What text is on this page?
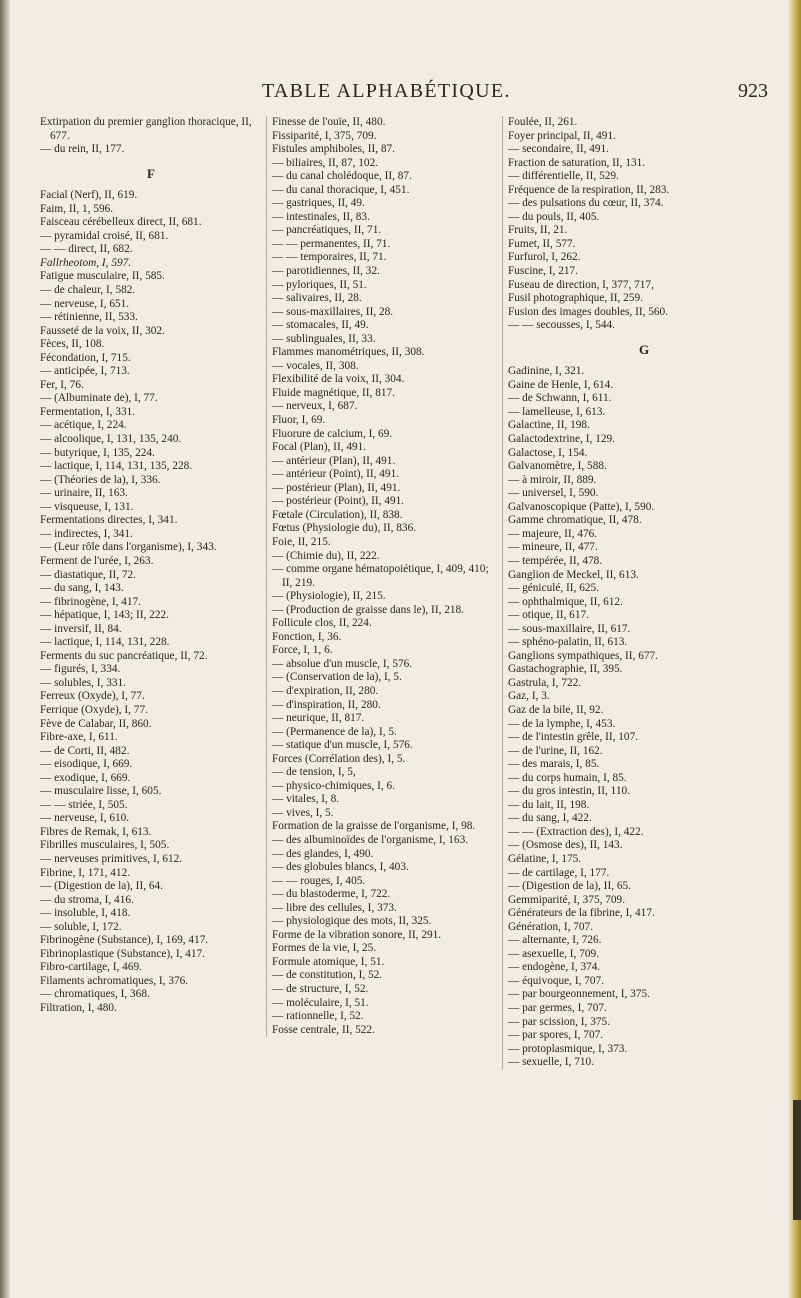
TABLE ALPHABÉTIQUE.	923
Extirpation du premier ganglion thoracique, II, 677.
— du rein, II, 177.
F
Facial (Nerf), II, 619.
Faim, II, 1, 596.
Faisceau cérébelleux direct, II, 681.
— pyramidal croisé, II, 681.
— — direct, II, 682.
Fallrheotom, I, 597.
Fatigue musculaire, II, 585.
— de chaleur, I, 582.
— nerveuse, I, 651.
— rétinienne, II, 533.
Fausseté de la voix, II, 302.
Fèces, II, 108.
Fécondation, I, 715.
— anticipée, I, 713.
Fer, I, 76.
— (Albuminate de), I, 77.
Fermentation, I, 331.
— acétique, I, 224.
— alcoolique, I, 131, 135, 240.
— butyrique, I, 135, 224.
— lactique, I, 114, 131, 135, 228.
— (Théories de la), I, 336.
— urinaire, II, 163.
— visqueuse, I, 131.
Fermentations directes, I, 341.
— indirectes, I, 341.
— (Leur rôle dans l'organisme), I, 343.
Ferment de l'urée, I, 263.
— diastatique, II, 72.
— du sang, I, 143.
— fibrinogène, I, 417.
— hépatique, I, 143; II, 222.
— inversif, II, 84.
— lactique, I, 114, 131, 228.
Ferments du suc pancréatique, II, 72.
— figurés, I, 334.
— solubles, I, 331.
Ferreux (Oxyde), I, 77.
Ferrique (Oxyde), I, 77.
Fève de Calabar, II, 860.
Fibre-axe, I, 611.
— de Corti, II, 482.
— eisodique, I, 669.
— exodique, I, 669.
— musculaire lisse, I, 605.
— — striée, I, 505.
— nerveuse, I, 610.
Fibres de Remak, I, 613.
Fibrilles musculaires, I, 505.
— nerveuses primitives, I, 612.
Fibrine, I, 171, 412.
— (Digestion de la), II, 64.
— du stroma, I, 416.
— insoluble, I, 418.
— soluble, I, 172.
Fibrinogène (Substance), I, 169, 417.
Fibrinoplastique (Substance), I, 417.
Fibro-cartilage, I, 469.
Filaments achromatiques, I, 376.
— chromatiques, I, 368.
Filtration, I, 480.
Finesse de l'ouïe, II, 480.
Fissiparité, I, 375, 709.
Fistules amphiboles, II, 87.
— biliaires, II, 87, 102.
— du canal cholédoque, II, 87.
— du canal thoracique, I, 451.
— gastriques, II, 49.
— intestinales, II, 83.
— pancréatiques, II, 71.
— — permanentes, II, 71.
— — temporaires, II, 71.
— parotidiennes, II, 32.
— pyloriques, II, 51.
— salivaires, II, 28.
— sous-maxillaires, II, 28.
— stomacales, II, 49.
— sublinguales, II, 33.
Flammes manométriques, II, 308.
— vocales, II, 308.
Flexibilité de la voix, II, 304.
Fluide magnétique, II, 817.
— nerveux, I, 687.
Fluor, I, 69.
Fluorure de calcium, I, 69.
Focal (Plan), II, 491.
— antérieur (Plan), II, 491.
— antérieur (Point), II, 491.
— postérieur (Plan), II, 491.
— postérieur (Point), II, 491.
Fœtale (Circulation), II, 838.
Fœtus (Physiologie du), II, 836.
Foie, II, 215.
— (Chimie du), II, 222.
— comme organe hématopoiétique, I, 409, 410; II, 219.
— (Physiologie), II, 215.
— (Production de graisse dans le), II, 218.
Follicule clos, II, 224.
Fonction, I, 36.
Force, I, 1, 6.
— absolue d'un muscle, I, 576.
— (Conservation de la), I, 5.
— d'expiration, II, 280.
— d'inspiration, II, 280.
— neurique, II, 817.
— (Permanence de la), I, 5.
— statique d'un muscle, I, 576.
Forces (Corrélation des), I, 5.
— de tension, I, 5,
— physico-chimiques, I, 6.
— vitales, I, 8.
— vives, I, 5.
Formation de la graisse de l'organisme, I, 98.
— des albuminoïdes de l'organisme, I, 163.
— des glandes, I, 490.
— des globules blancs, I, 403.
— — rouges, I, 405.
— du blastoderme, I, 722.
— libre des cellules, I, 373.
— physiologique des mots, II, 325.
Forme de la vibration sonore, II, 291.
Formes de la vie, I, 25.
Formule atomique, I, 51.
— de constitution, I, 52.
— de structure, I, 52.
— moléculaire, I, 51.
— rationnelle, I, 52.
Fosse centrale, II, 522.
Foulée, II, 261.
Foyer principal, II, 491.
— secondaire, II, 491.
Fraction de saturation, II, 131.
— différentielle, II, 529.
Fréquence de la respiration, II, 283.
— des pulsations du cœur, II, 374.
— du pouls, II, 405.
Fruits, II, 21.
Fumet, II, 577.
Furfurol, I, 262.
Fuscine, I, 217.
Fuseau de direction, I, 377, 717,
Fusil photographique, II, 259.
Fusion des images doubles, II, 560.
— — secousses, I, 544.
G
Gadinine, I, 321.
Gaine de Henle, I, 614.
— de Schwann, I, 611.
— lamelleuse, I, 613.
Galactine, II, 198.
Galactodextrine, I, 129.
Galactose, I, 154.
Galvanomètre, I, 588.
— à miroir, II, 889.
— universel, I, 590.
Galvanoscopique (Patte), I, 590.
Gamme chromatique, II, 478.
— majeure, II, 476.
— mineure, II, 477.
— tempérée, II, 478.
Ganglion de Meckel, II, 613.
— géniculé, II, 625.
— ophthalmique, II, 612.
— otique, II, 617.
— sous-maxillaire, II, 617.
— sphéno-palatin, II, 613.
Ganglions sympathiques, II, 677.
Gastachographie, II, 395.
Gastrula, I, 722.
Gaz, I, 3.
Gaz de la bile, II, 92.
— de la lymphe, I, 453.
— de l'intestin grêle, II, 107.
— de l'urine, II, 162.
— des marais, I, 85.
— du corps humain, I, 85.
— du gros intestin, II, 110.
— du lait, II, 198.
— du sang, I, 422.
— — (Extraction des), I, 422.
— (Osmose des), II, 143.
Gélatine, I, 175.
— de cartilage, I, 177.
— (Digestion de la), II, 65.
Gemmiparité, I, 375, 709.
Générateurs de la fibrine, I, 417.
Génération, I, 707.
— alternante, I, 726.
— asexuelle, I, 709.
— endogène, I, 374.
— équivoque, I, 707.
— par bourgeonnement, I, 375.
— par germes, I, 707.
— par scission, I, 375.
— par spores, I, 707.
— protoplasmique, I, 373.
— sexuelle, I, 710.
